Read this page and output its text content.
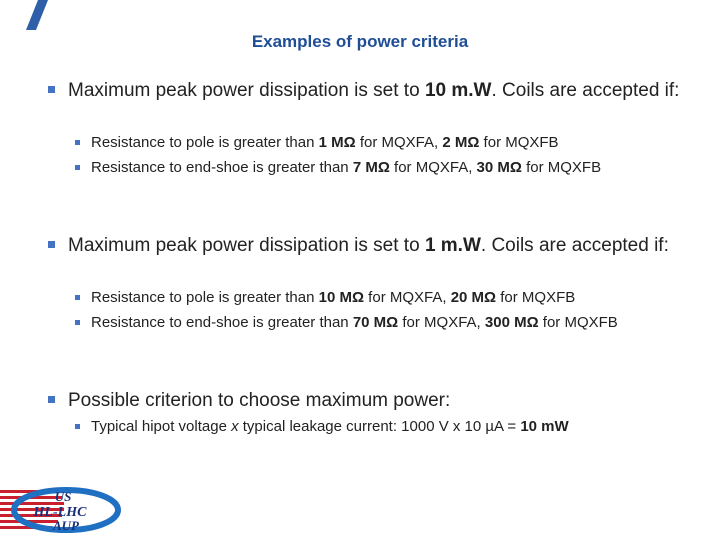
Examples of power criteria
Maximum peak power dissipation is set to 10 m.W. Coils are accepted if:
Resistance to pole is greater than 1 MΩ for MQXFA, 2 MΩ for MQXFB
Resistance to end-shoe is greater than 7 MΩ for MQXFA, 30 MΩ for MQXFB
Maximum peak power dissipation is set to 1 m.W. Coils are accepted if:
Resistance to pole is greater than 10 MΩ for MQXFA, 20 MΩ for MQXFB
Resistance to end-shoe is greater than 70 MΩ for MQXFA, 300 MΩ for MQXFB
Possible criterion to choose maximum power:
Typical hipot voltage x typical leakage current: 1000 V x 10 µA = 10 mW
US
HL-LHC
AUP
